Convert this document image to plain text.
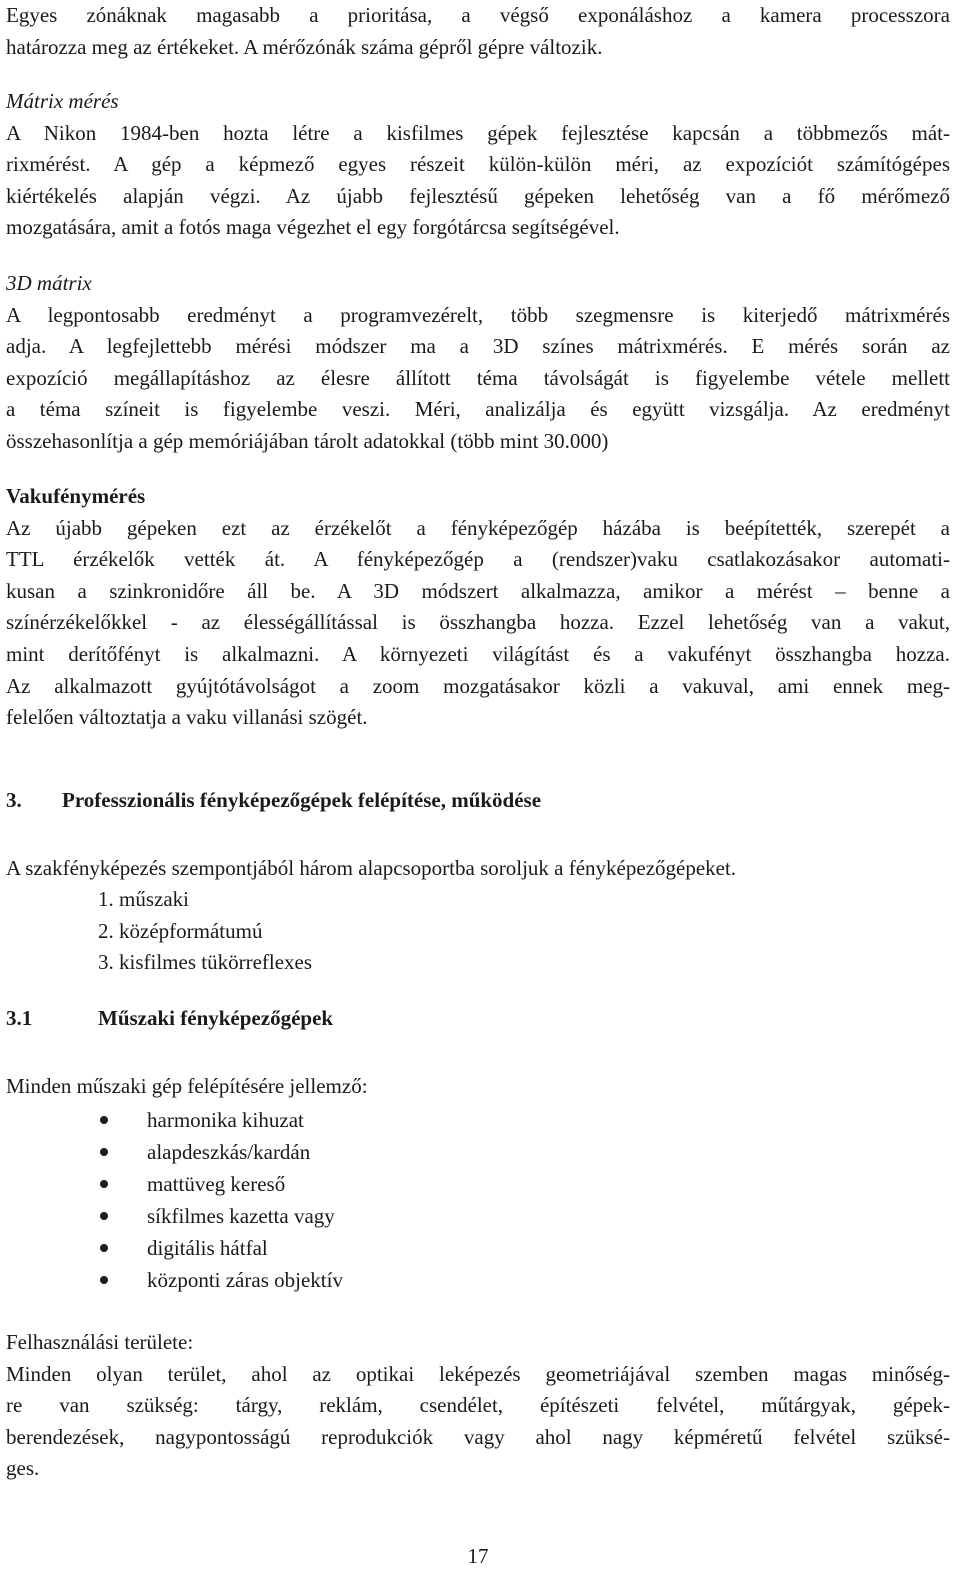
Egyes zónáknak magasabb a prioritása, a végső exponáláshoz a kamera processzora
határozza meg az értékeket. A mérőzónák száma gépről gépre változik.
Mátrix mérés
A Nikon 1984-ben hozta létre a kisfilmes gépek fejlesztése kapcsán a többmezős mát-
rixmérést. A gép a képmező egyes részeit külön-külön méri, az expozíciót számítógépes
kiértékelés alapján végzi. Az újabb fejlesztésű gépeken lehetőség van a fő mérőmező
mozgatására, amit a fotós maga végezhet el egy forgótárcsa segítségével.
3D mátrix
A legpontosabb eredményt a programvezérelt, több szegmensre is kiterjedő mátrixmérés
adja. A legfejlettebb mérési módszer ma a 3D színes mátrixmérés. E mérés során az
expozíció megállapításhoz az élesre állított téma távolságát is figyelembe vétele mellett
a téma színeit is figyelembe veszi. Méri, analizálja és együtt vizsgálja. Az eredményt
összehasonlítja a gép memóriájában tárolt adatokkal (több mint 30.000)
Vakufénymérés
Az újabb gépeken ezt az érzékelőt a fényképezőgép házába is beépítették, szerepét a
TTL érzékelők vették át. A fényképezőgép a (rendszer)vaku csatlakozásakor automati-
kusan a szinkronidőre áll be. A 3D módszert alkalmazza, amikor a mérést – benne a
színérzékelőkkel - az élességállítással is összhangba hozza. Ezzel lehetőség van a vakut,
mint derítőfényt is alkalmazni. A környezeti világítást és a vakufényt összhangba hozza.
Az alkalmazott gyújtótávolságot a zoom mozgatásakor közli a vakuval, ami ennek meg-
felelően változtatja a vaku villanási szögét.
3. Professzionális fényképezőgépek felépítése, működése
A szakfényképezés szempontjából három alapcsoportba soroljuk a fényképezőgépeket.
1. műszaki
2. középformátumú
3. kisfilmes tükörreflexes
3.1	Műszaki fényképezőgépek
Minden műszaki gép felépítésére jellemző:
harmonika kihuzat
alapdeszkás/kardán
mattüveg kereső
síkfilmes kazetta vagy
digitális hátfal
központi záras objektív
Felhasználási területe:
Minden olyan terület, ahol az optikai leképezés geometriájával szemben magas minőség-
re van szükség: tárgy, reklám, csendélet, építészeti felvétel, műtárgyak, gépek-
berendezések, nagypontosságú reprodukciók vagy ahol nagy képméretű felvétel szüksé-
ges.
17
